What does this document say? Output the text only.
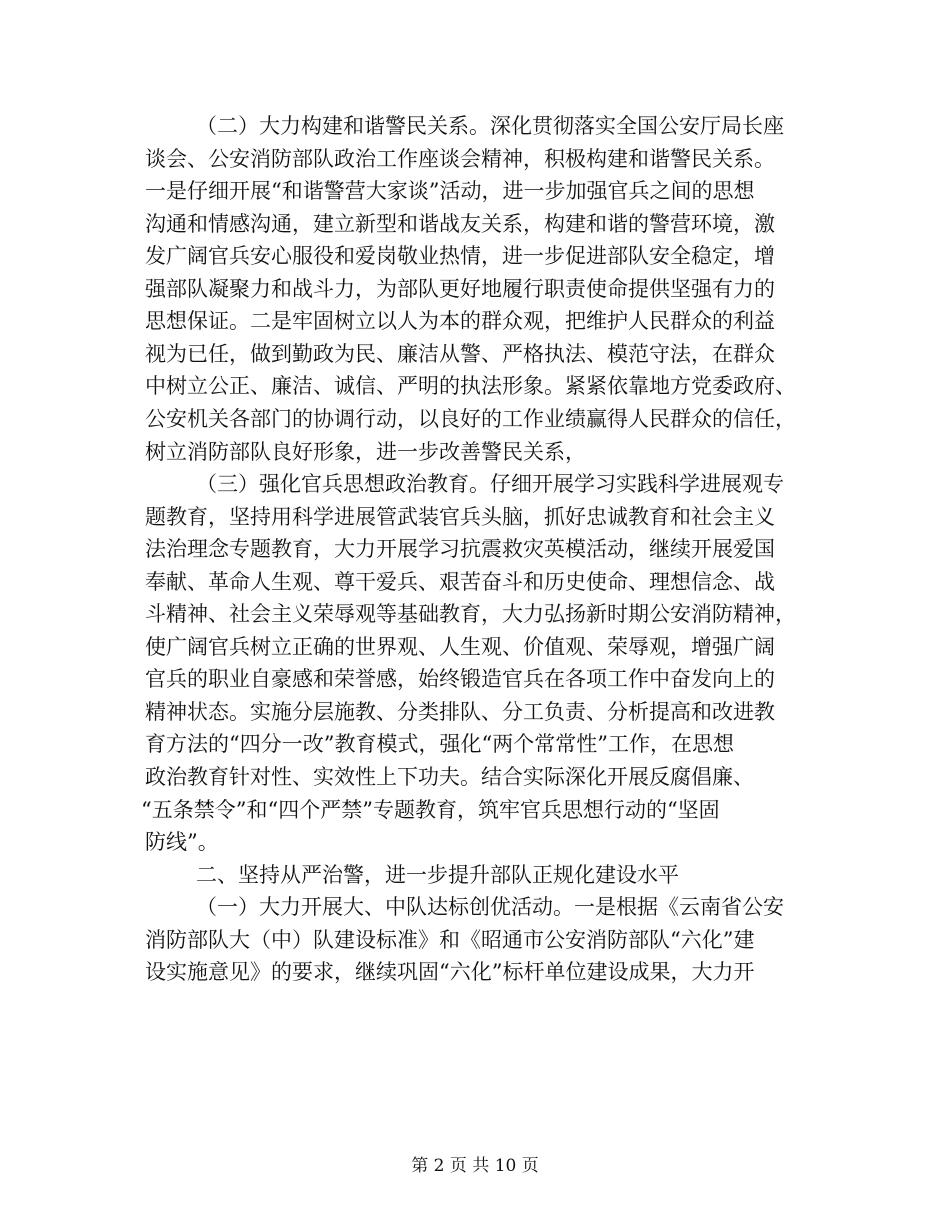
（二）大力构建和谐警民关系。深化贯彻落实全国公安厅局长座
谈会、公安消防部队政治工作座谈会精神，积极构建和谐警民关系。
一是仔细开展“和谐警营大家谈”活动，进一步加强官兵之间的思想
沟通和情感沟通，建立新型和谐战友关系，构建和谐的警营环境，激
发广阔官兵安心服役和爱岗敬业热情，进一步促进部队安全稳定，增
强部队凝聚力和战斗力，为部队更好地履行职责使命提供坚强有力的
思想保证。二是牢固树立以人为本的群众观，把维护人民群众的利益
视为已任，做到勤政为民、廉洁从警、严格执法、模范守法，在群众
中树立公正、廉洁、诚信、严明的执法形象。紧紧依靠地方党委政府、
公安机关各部门的协调行动，以良好的工作业绩赢得人民群众的信任，
树立消防部队良好形象，进一步改善警民关系，
（三）强化官兵思想政治教育。仔细开展学习实践科学进展观专
题教育，坚持用科学进展管武装官兵头脑，抓好忠诚教育和社会主义
法治理念专题教育，大力开展学习抗震救灾英模活动，继续开展爱国
奉献、革命人生观、尊干爱兵、艰苦奋斗和历史使命、理想信念、战
斗精神、社会主义荣辱观等基础教育，大力弘扬新时期公安消防精神，
使广阔官兵树立正确的世界观、人生观、价值观、荣辱观，增强广阔
官兵的职业自豪感和荣誉感，始终锻造官兵在各项工作中奋发向上的
精神状态。实施分层施教、分类排队、分工负责、分析提高和改进教
育方法的“四分一改”教育模式，强化“两个常常性”工作，在思想
政治教育针对性、实效性上下功夫。结合实际深化开展反腐倡廉、
“五条禁令”和“四个严禁”专题教育，筑牢官兵思想行动的“坚固
防线”。
二、坚持从严治警，进一步提升部队正规化建设水平
（一）大力开展大、中队达标创优活动。一是根据《云南省公安
消防部队大（中）队建设标准》和《昭通市公安消防部队“六化”建
设实施意见》的要求，继续巩固“六化”标杆单位建设成果，大力开
第 2 页 共 10 页
